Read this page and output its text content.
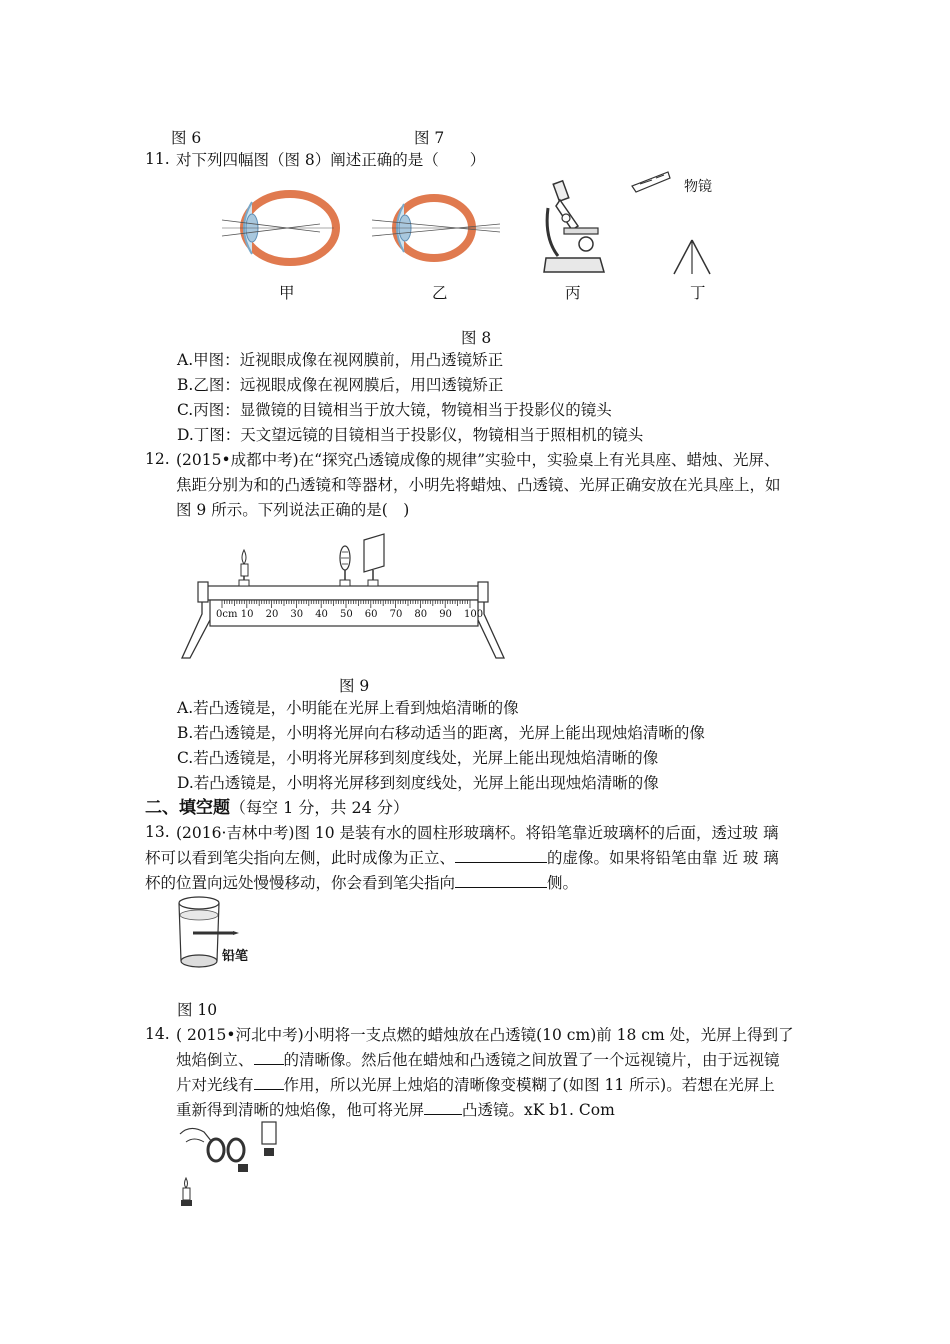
图 6	图 7
11. 对下列四幅图（图 8）阐述正确的是（　　）
物镜
甲	乙	丙	丁
图 8
A.甲图：近视眼成像在视网膜前，用凸透镜矫正
B.乙图：远视眼成像在视网膜后，用凹透镜矫正
C.丙图：显微镜的目镜相当于放大镜，物镜相当于投影仪的镜头
D.丁图：天文望远镜的目镜相当于投影仪，物镜相当于照相机的镜头
12. (2015•成都中考)在“探究凸透镜成像的规律”实验中，实验桌上有光具座、蜡烛、光屏、
焦距分别为和的凸透镜和等器材，小明先将蜡烛、凸透镜、光屏正确安放在光具座上，如
图 9 所示。下列说法正确的是(　)
0cm 10 20 30 40 50 60 70 80 90 100
图 9
A.若凸透镜是，小明能在光屏上看到烛焰清晰的像
B.若凸透镜是，小明将光屏向右移动适当的距离，光屏上能出现烛焰清晰的像
C.若凸透镜是，小明将光屏移到刻度线处，光屏上能出现烛焰清晰的像
D.若凸透镜是，小明将光屏移到刻度线处，光屏上能出现烛焰清晰的像
二、填空题（每空 1 分，共 24 分）
13. (2016·吉林中考)图 10 是装有水的圆柱形玻璃杯。将铅笔靠近玻璃杯的后面，透过玻 璃
杯可以看到笔尖指向左侧，此时成像为正立、	的虚像。如果将铅笔由靠 近 玻 璃
杯的位置向远处慢慢移动，你会看到笔尖指向	侧。
铅笔
图 10
14. ( 2015•河北中考)小明将一支点燃的蜡烛放在凸透镜(10 cm)前 18 cm 处，光屏上得到了
烛焰倒立、 的清晰像。然后他在蜡烛和凸透镜之间放置了一个远视镜片，由于远视镜
片对光线有 作用，所以光屏上烛焰的清晰像变模糊了(如图 11 所示)。若想在光屏上
重新得到清晰的烛焰像，他可将光屏 凸透镜。xK b1. Com
